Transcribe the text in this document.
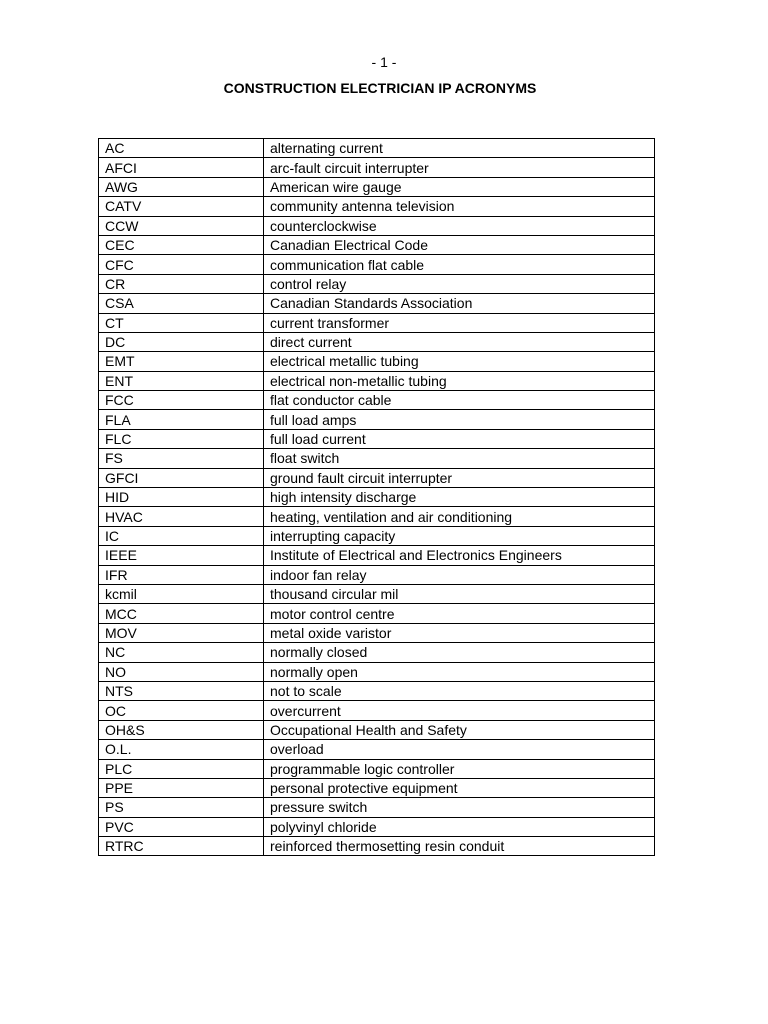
- 1 -
CONSTRUCTION ELECTRICIAN IP ACRONYMS
AC	alternating current
AFCI	arc-fault circuit interrupter
AWG	American wire gauge
CATV	community antenna television
CCW	counterclockwise
CEC	Canadian Electrical Code
CFC	communication flat cable
CR	control relay
CSA	Canadian Standards Association
CT	current transformer
DC	direct current
EMT	electrical metallic tubing
ENT	electrical non-metallic tubing
FCC	flat conductor cable
FLA	full load amps
FLC	full load current
FS	float switch
GFCI	ground fault circuit interrupter
HID	high intensity discharge
HVAC	heating, ventilation and air conditioning
IC	interrupting capacity
IEEE	Institute of Electrical and Electronics Engineers
IFR	indoor fan relay
kcmil	thousand circular mil
MCC	motor control centre
MOV	metal oxide varistor
NC	normally closed
NO	normally open
NTS	not to scale
OC	overcurrent
OH&S	Occupational Health and Safety
O.L.	overload
PLC	programmable logic controller
PPE	personal protective equipment
PS	pressure switch
PVC	polyvinyl chloride
RTRC	reinforced thermosetting resin conduit
